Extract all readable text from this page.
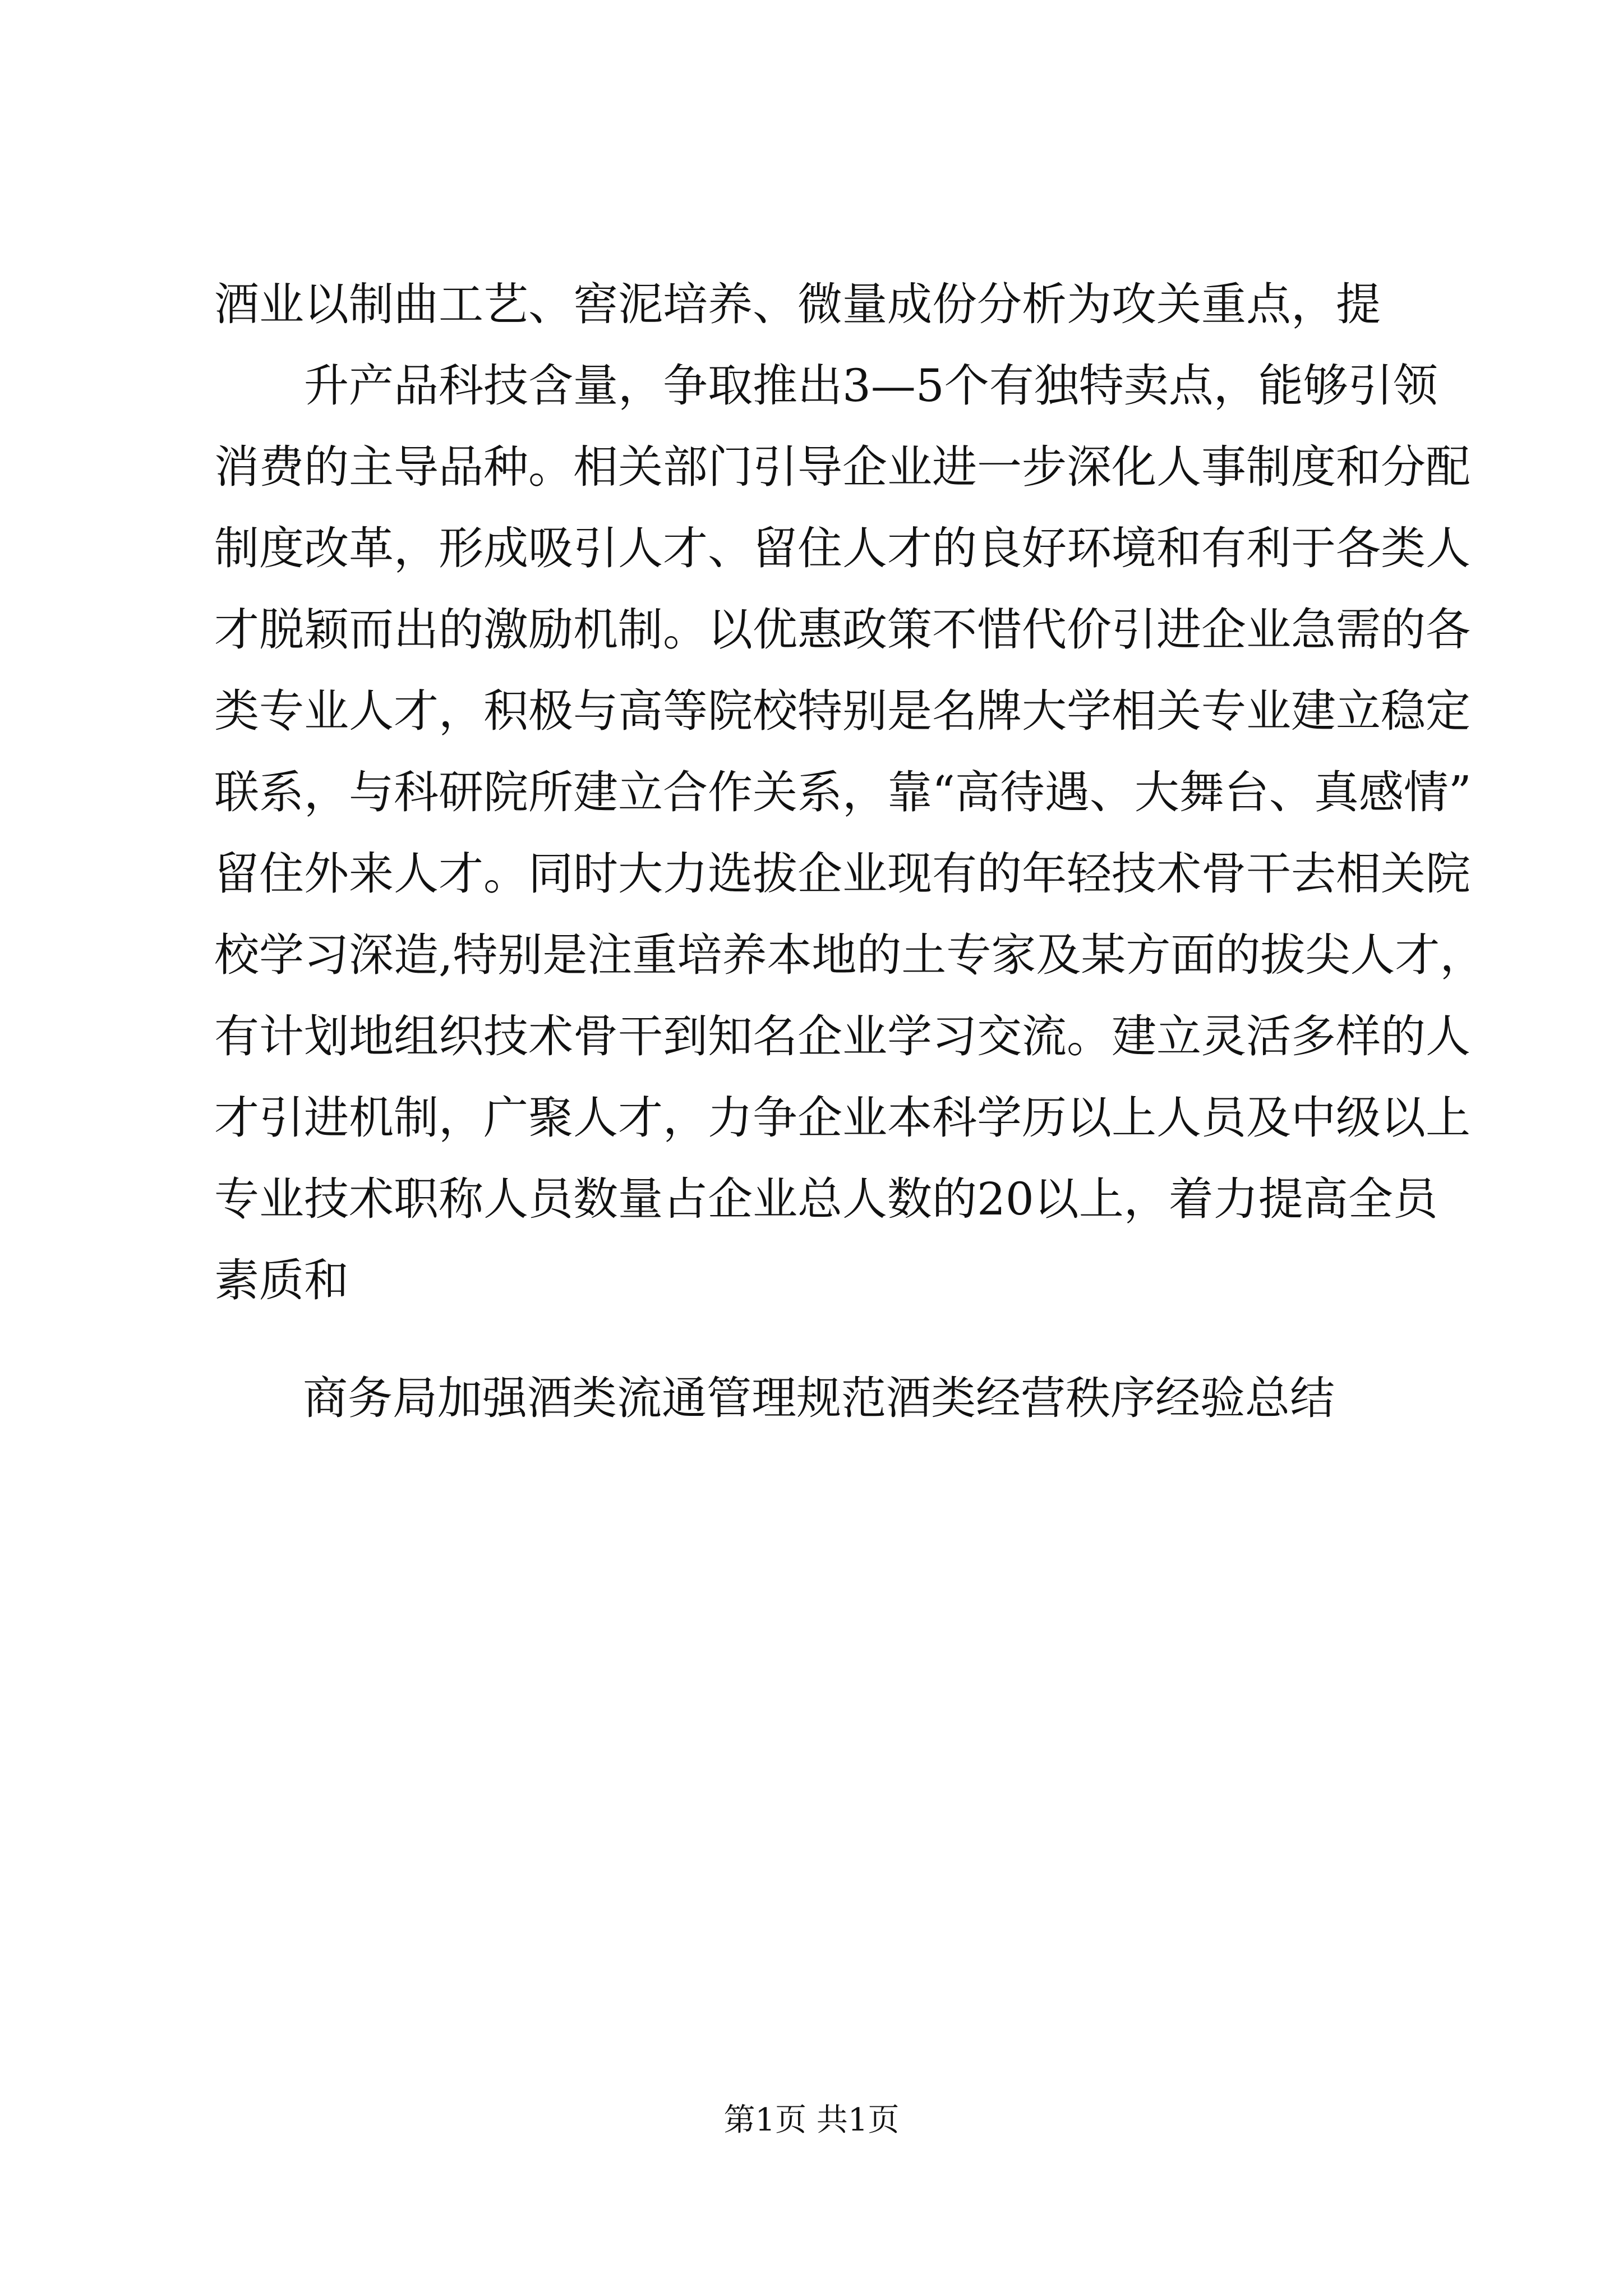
酒业以制曲工艺、窖泥培养、微量成份分析为攻关重点，提
升产品科技含量，争取推出3—5个有独特卖点，能够引领
消费的主导品种。相关部门引导企业进一步深化人事制度和分配
制度改革，形成吸引人才、留住人才的良好环境和有利于各类人
才脱颖而出的激励机制。以优惠政策不惜代价引进企业急需的各
类专业人才，积极与高等院校特别是名牌大学相关专业建立稳定
联系，与科研院所建立合作关系，靠“高待遇、大舞台、真感情”
留住外来人才。同时大力选拔企业现有的年轻技术骨干去相关院
校学习深造,特别是注重培养本地的土专家及某方面的拔尖人才，
有计划地组织技术骨干到知名企业学习交流。建立灵活多样的人
才引进机制，广聚人才，力争企业本科学历以上人员及中级以上
专业技术职称人员数量占企业总人数的20以上，着力提高全员
素质和
商务局加强酒类流通管理规范酒类经营秩序经验总结
第1页 共1页
